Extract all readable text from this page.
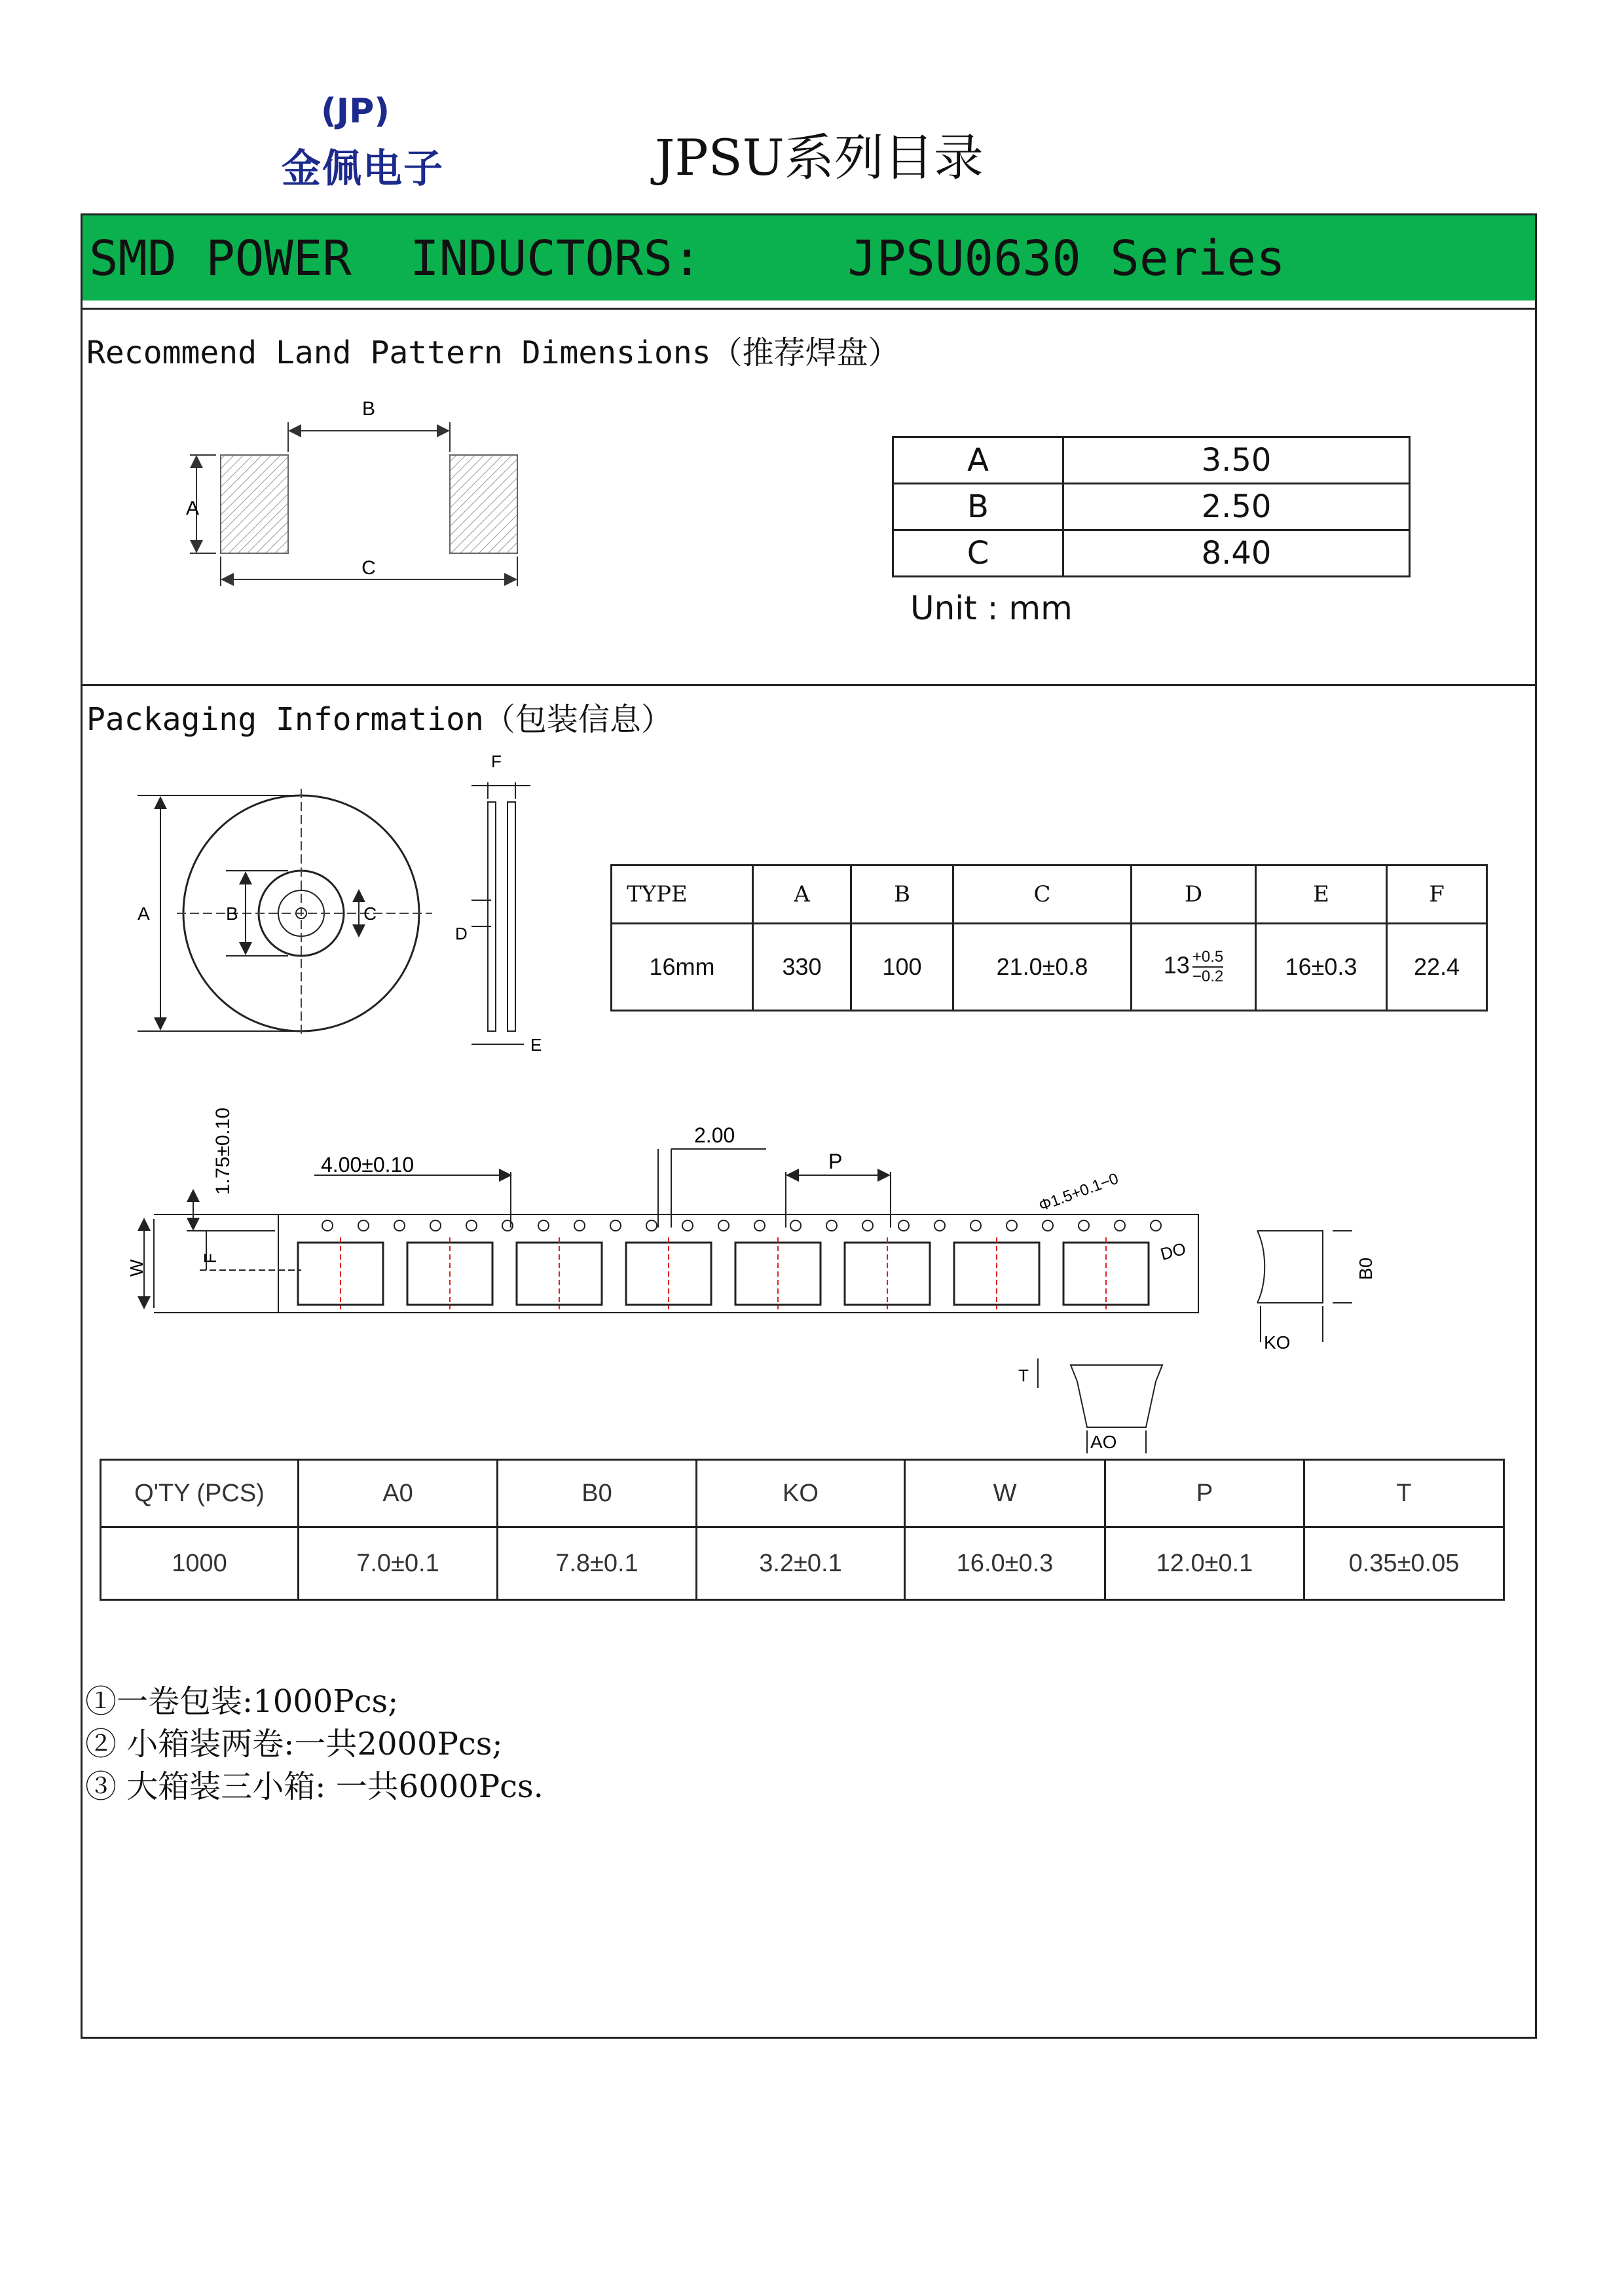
(JP)
金佩电子	JPSU系列目录
SMD POWER  INDUCTORS:     JPSU0630 Series
Recommend Land Pattern Dimensions（推荐焊盘）
B
A
C
A	3.50
B	2.50
C	8.40
Unit : mm
Packaging Information（包装信息）
A	B	C
F
E
D
TYPE	A	B	C	D	E	F
16mm	330	100	21.0±0.8	$13 \frac{+0.5}{-0.2}$	16±0.3	22.4
4.00±0.10
1.75±0.10	2.00
P
Φ1.5+0.1−0
W
F	DO
B0
KO
T
AO
Q'TY (PCS)	A0	B0	KO	W	P	T
1000	7.0±0.1	7.8±0.1	3.2±0.1	16.0±0.3	12.0±0.1	0.35±0.05
①一卷包装:1000Pcs;
② 小箱装两卷:一共2000Pcs;
③ 大箱装三小箱: 一共6000Pcs.
